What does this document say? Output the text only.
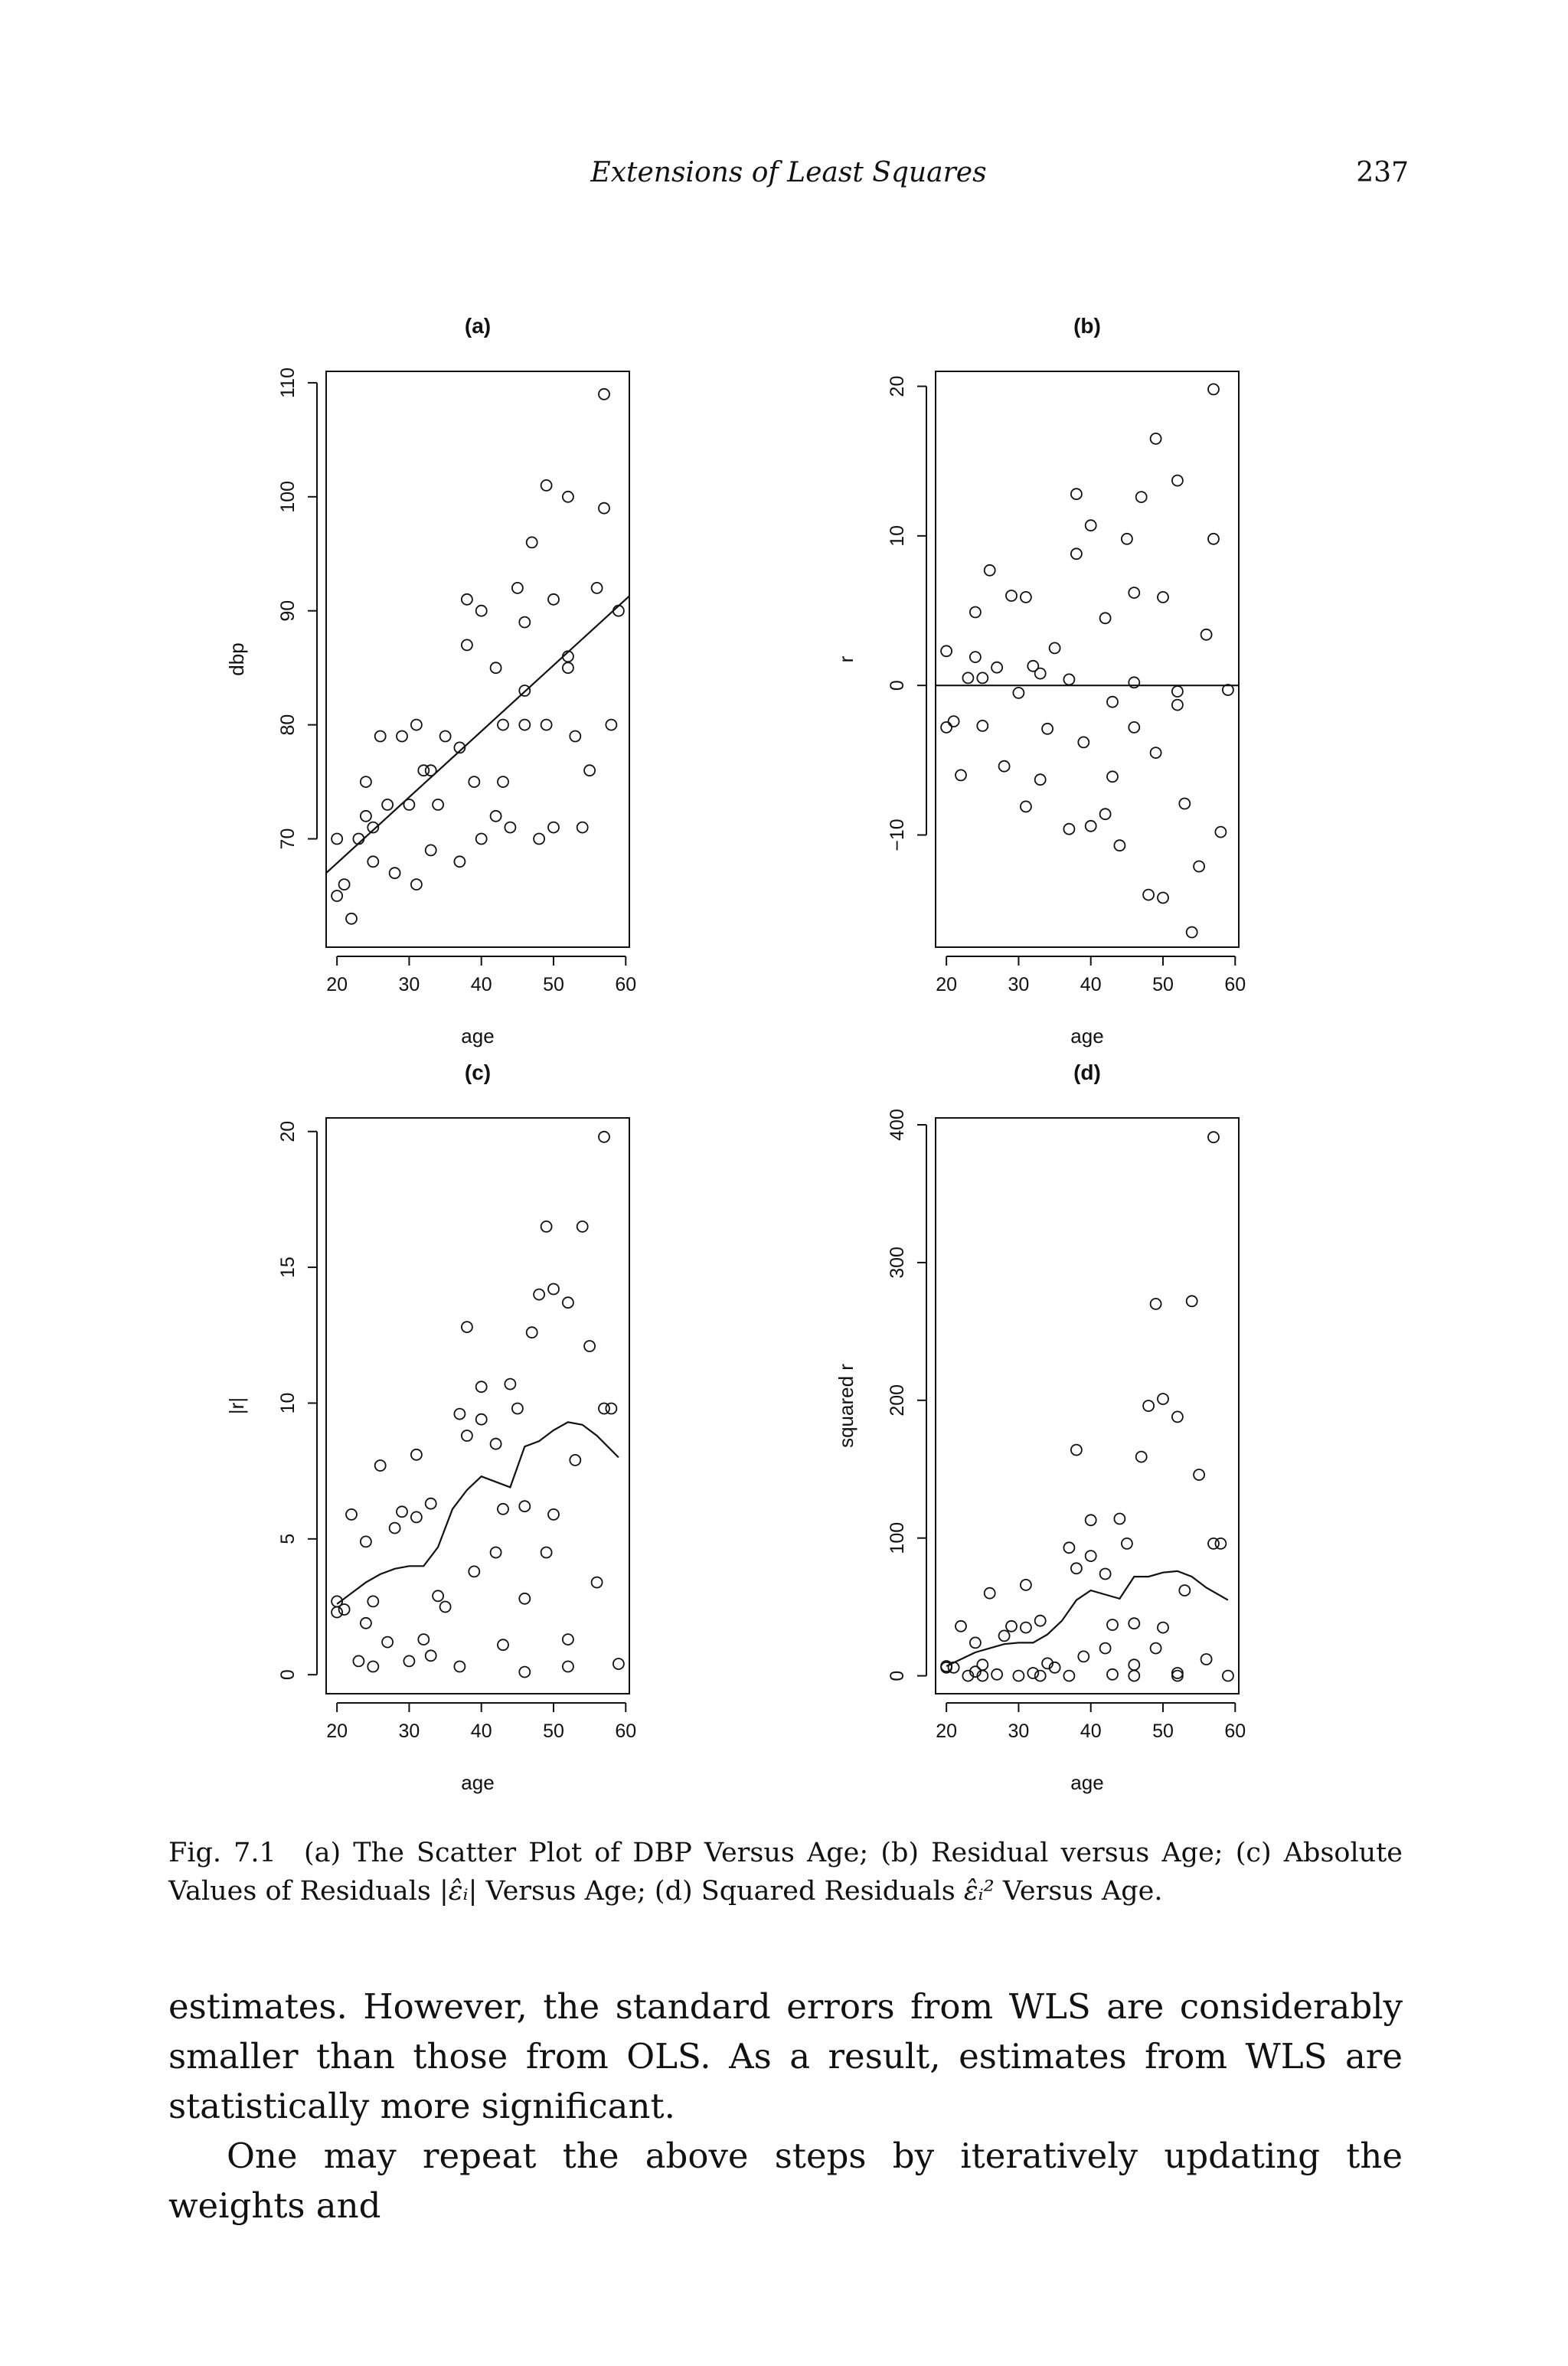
Extensions of Least Squares	237
(a)
20	30	40	50	60
70
80
90
100
110
age
dbp
(b)
20	30	40	50	60
−10
0
10
20
age
r
(c)
20	30	40	50	60
0
5
10
15
20
age
|r|
(d)
20	30	40	50	60
0
100
200
300
400
age
squared r
Fig. 7.1 (a) The Scatter Plot of DBP Versus Age; (b) Residual versus Age; (c) Absolute Values of Residuals |ε̂ᵢ| Versus Age; (d) Squared Residuals ε̂ᵢ² Versus Age.

estimates. However, the standard errors from WLS are considerably smaller than those from OLS. As a result, estimates from WLS are statistically more significant.

One may repeat the above steps by iteratively updating the weights and
